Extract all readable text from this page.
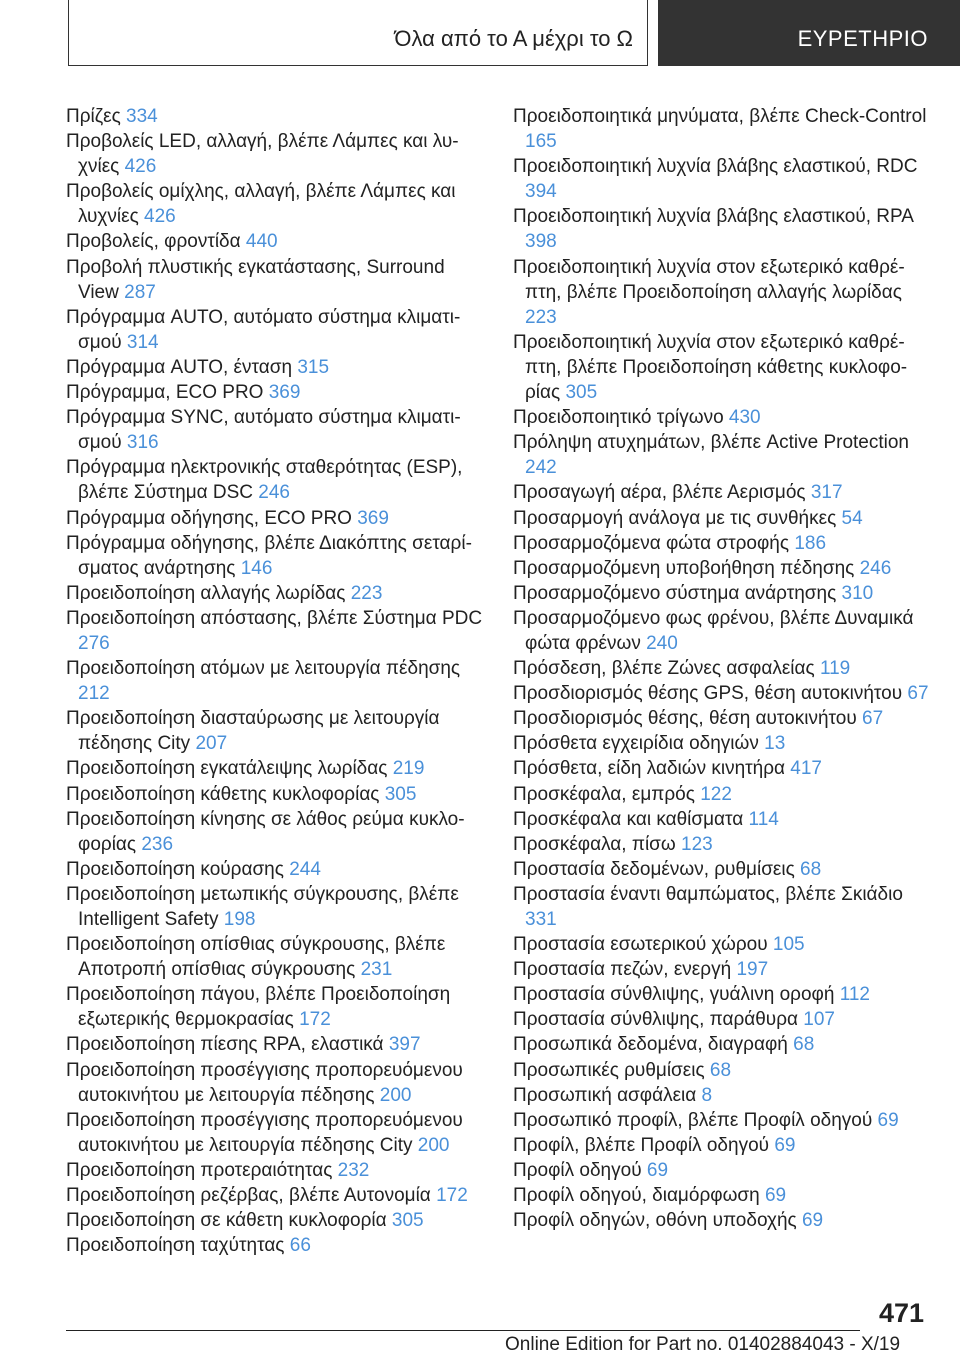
Όλα από το Α μέχρι το Ω	ΕΥΡΕΤΗΡΙΟ
Πρίζες 334
Προβολείς LED, αλλαγή, βλέπε Λάμπες και λυχνίες 426
Προβολείς ομίχλης, αλλαγή, βλέπε Λάμπες και λυχνίες 426
Προβολείς, φροντίδα 440
Προβολή πλυστικής εγκατάστασης, Surround View 287
Πρόγραμμα AUTO, αυτόματο σύστημα κλιματισμού 314
Πρόγραμμα AUTO, ένταση 315
Πρόγραμμα, ECO PRO 369
Πρόγραμμα SYNC, αυτόματο σύστημα κλιματισμού 316
Πρόγραμμα ηλεκτρονικής σταθερότητας (ESP), βλέπε Σύστημα DSC 246
Πρόγραμμα οδήγησης, ECO PRO 369
Πρόγραμμα οδήγησης, βλέπε Διακόπτης σεταρίσματος ανάρτησης 146
Προειδοποίηση αλλαγής λωρίδας 223
Προειδοποίηση απόστασης, βλέπε Σύστημα PDC 276
Προειδοποίηση ατόμων με λειτουργία πέδησης 212
Προειδοποίηση διασταύρωσης με λειτουργία πέδησης City 207
Προειδοποίηση εγκατάλειψης λωρίδας 219
Προειδοποίηση κάθετης κυκλοφορίας 305
Προειδοποίηση κίνησης σε λάθος ρεύμα κυκλοφορίας 236
Προειδοποίηση κούρασης 244
Προειδοποίηση μετωπικής σύγκρουσης, βλέπε Intelligent Safety 198
Προειδοποίηση οπίσθιας σύγκρουσης, βλέπε Αποτροπή οπίσθιας σύγκρουσης 231
Προειδοποίηση πάγου, βλέπε Προειδοποίηση εξωτερικής θερμοκρασίας 172
Προειδοποίηση πίεσης RPA, ελαστικά 397
Προειδοποίηση προσέγγισης προπορευόμενου αυτοκινήτου με λειτουργία πέδησης 200
Προειδοποίηση προσέγγισης προπορευόμενου αυτοκινήτου με λειτουργία πέδησης City 200
Προειδοποίηση προτεραιότητας 232
Προειδοποίηση ρεζέρβας, βλέπε Αυτονομία 172
Προειδοποίηση σε κάθετη κυκλοφορία 305
Προειδοποίηση ταχύτητας 66
Προειδοποιητικά μηνύματα, βλέπε Check-Control 165
Προειδοποιητική λυχνία βλάβης ελαστικού, RDC 394
Προειδοποιητική λυχνία βλάβης ελαστικού, RPA 398
Προειδοποιητική λυχνία στον εξωτερικό καθρέπτη, βλέπε Προειδοποίηση αλλαγής λωρίδας 223
Προειδοποιητική λυχνία στον εξωτερικό καθρέπτη, βλέπε Προειδοποίηση κάθετης κυκλοφορίας 305
Προειδοποιητικό τρίγωνο 430
Πρόληψη ατυχημάτων, βλέπε Active Protection 242
Προσαγωγή αέρα, βλέπε Αερισμός 317
Προσαρμογή ανάλογα με τις συνθήκες 54
Προσαρμοζόμενα φώτα στροφής 186
Προσαρμοζόμενη υποβοήθηση πέδησης 246
Προσαρμοζόμενο σύστημα ανάρτησης 310
Προσαρμοζόμενο φως φρένου, βλέπε Δυναμικά φώτα φρένων 240
Πρόσδεση, βλέπε Ζώνες ασφαλείας 119
Προσδιορισμός θέσης GPS, θέση αυτοκινήτου 67
Προσδιορισμός θέσης, θέση αυτοκινήτου 67
Πρόσθετα εγχειρίδια οδηγιών 13
Πρόσθετα, είδη λαδιών κινητήρα 417
Προσκέφαλα, εμπρός 122
Προσκέφαλα και καθίσματα 114
Προσκέφαλα, πίσω 123
Προστασία δεδομένων, ρυθμίσεις 68
Προστασία έναντι θαμπώματος, βλέπε Σκιάδιο 331
Προστασία εσωτερικού χώρου 105
Προστασία πεζών, ενεργή 197
Προστασία σύνθλιψης, γυάλινη οροφή 112
Προστασία σύνθλιψης, παράθυρα 107
Προσωπικά δεδομένα, διαγραφή 68
Προσωπικές ρυθμίσεις 68
Προσωπική ασφάλεια 8
Προσωπικό προφίλ, βλέπε Προφίλ οδηγού 69
Προφίλ, βλέπε Προφίλ οδηγού 69
Προφίλ οδηγού 69
Προφίλ οδηγού, διαμόρφωση 69
Προφίλ οδηγών, οθόνη υποδοχής 69
471
Online Edition for Part no. 01402884043 - X/19
